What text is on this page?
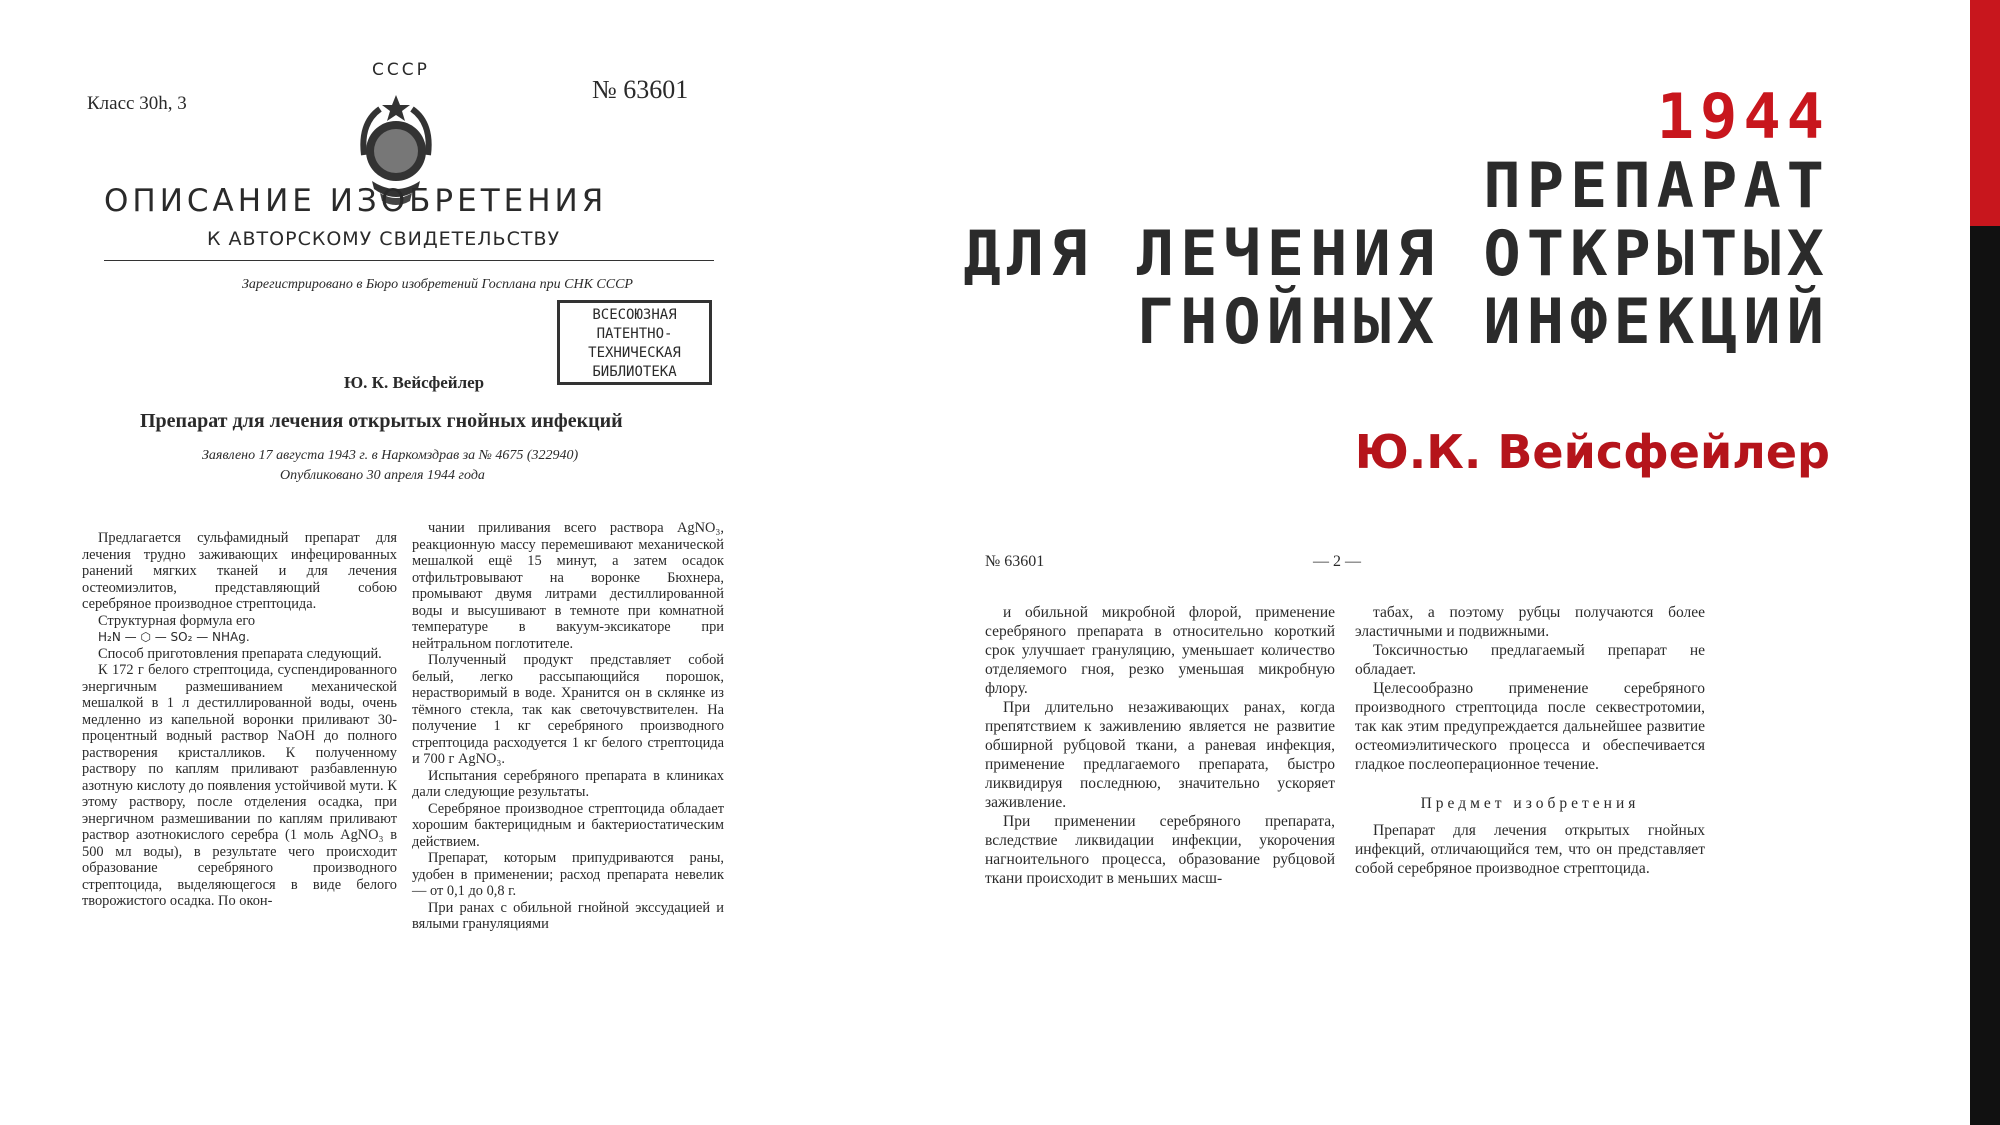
1944
ПРЕПАРАТ
ДЛЯ ЛЕЧЕНИЯ ОТКРЫТЫХ
ГНОЙНЫХ ИНФЕКЦИЙ
Ю.К. Вейсфейлер
СССР
Класс 30h, 3	№ 63601
ОПИСАНИЕ ИЗОБРЕТЕНИЯ
К АВТОРСКОМУ СВИДЕТЕЛЬСТВУ
Зарегистрировано в Бюро изобретений Госплана при СНК СССР
ВСЕСОЮЗНАЯ
ПАТЕНТНО-
ТЕХНИЧЕСКАЯ
БИБЛИОТЕКА
Ю. К. Вейсфейлер
Препарат для лечения открытых гнойных инфекций
Заявлено 17 августа 1943 г. в Наркомздрав за № 4675 (322940)
Опубликовано 30 апреля 1944 года

Предлагается сульфамидный препарат для лечения трудно заживающих инфецированных ранений мягких тканей и для лечения остеомиэлитов, представляющий собою серебряное производное стрептоцида.

Структурная формула его

H₂N — ⬡ — SO₂ — NHAg.

Способ приготовления препарата следующий.

К 172 г белого стрептоцида, суспендированного энергичным размешиванием механической мешалкой в 1 л дестиллированной воды, очень медленно из капельной воронки приливают 30-процентный водный раствор NaOH до полного растворения кристалликов. К полученному раствору по каплям приливают разбавленную азотную кислоту до появления устойчивой мути. К этому раствору, после отделения осадка, при энергичном размешивании по каплям приливают раствор азотнокислого серебра (1 моль AgNO₃ в 500 мл воды), в результате чего происходит образование серебряного производного стрептоцида, выделяющегося в виде белого творожистого осадка. По окон-

чании приливания всего раствора AgNO₃, реакционную массу перемешивают механической мешалкой ещё 15 минут, а затем осадок отфильтровывают на воронке Бюхнера, промывают двумя литрами дестиллированной воды и высушивают в темноте при комнатной температуре в вакуум-эксикаторе при нейтральном поглотителе.

Полученный продукт представляет собой белый, легко рассыпающийся порошок, нерастворимый в воде. Хранится он в склянке из тёмного стекла, так как светочувствителен. На получение 1 кг серебряного производного стрептоцида расходуется 1 кг белого стрептоцида и 700 г AgNO₃.

Испытания серебряного препарата в клиниках дали следующие результаты.

Серебряное производное стрептоцида обладает хорошим бактерицидным и бактериостатическим действием.

Препарат, которым припудриваются раны, удобен в применении; расход препарата невелик — от 0,1 до 0,8 г.

При ранах с обильной гнойной экссудацией и вялыми грануляциями

№ 63601	— 2 —

и обильной микробной флорой, применение серебряного препарата в относительно короткий срок улучшает грануляцию, уменьшает количество отделяемого гноя, резко уменьшая микробную флору.

При длительно незаживающих ранах, когда препятствием к заживлению является не развитие обширной рубцовой ткани, а раневая инфекция, применение предлагаемого препарата, быстро ликвидируя последнюю, значительно ускоряет заживление.

При применении серебряного препарата, вследствие ликвидации инфекции, укорочения нагноительного процесса, образование рубцовой ткани происходит в меньших масш-

табах, а поэтому рубцы получаются более эластичными и подвижными.

Токсичностью предлагаемый препарат не обладает.

Целесообразно применение серебряного производного стрептоцида после секвестротомии, так как этим предупреждается дальнейшее развитие остеомиэлитического процесса и обеспечивается гладкое послеоперационное течение.

Предмет изобретения

Препарат для лечения открытых гнойных инфекций, отличающийся тем, что он представляет собой серебряное производное стрептоцида.
